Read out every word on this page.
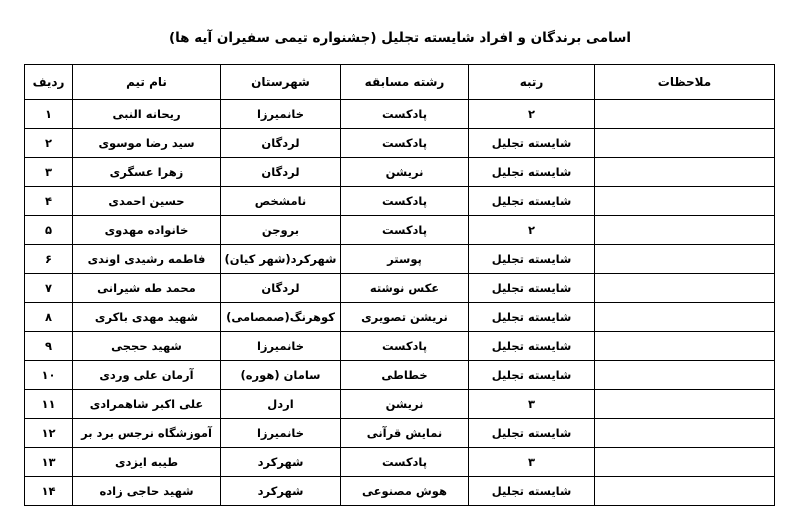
اسامی برندگان و افراد شایسته تجلیل (جشنواره تیمی سفیران آیه ها)
ملاحظات	رتبه	رشته مسابقه	شهرستان	نام تیم	ردیف
	۲	پادکست	خانمیرزا	ریحانه النبی	۱
	شایسته تجلیل	پادکست	لردگان	سید رضا موسوی	۲
	شایسته تجلیل	نریشن	لردگان	زهرا عسگری	۳
	شایسته تجلیل	پادکست	نامشخص	حسین احمدی	۴
	۲	پادکست	بروجن	خانواده مهدوی	۵
	شایسته تجلیل	پوستر	شهرکرد(شهر کیان)	فاطمه رشیدی اوندی	۶
	شایسته تجلیل	عکس نوشته	لردگان	محمد طه شیرانی	۷
	شایسته تجلیل	نریشن تصویری	کوهرنگ(صمصامی)	شهید مهدی باکری	۸
	شایسته تجلیل	پادکست	خانمیرزا	شهید حججی	۹
	شایسته تجلیل	خطاطی	سامان (هوره)	آرمان علی وردی	۱۰
	۳	نریشن	اردل	علی اکبر شاهمرادی	۱۱
	شایسته تجلیل	نمایش قرآنی	خانمیرزا	آموزشگاه نرجس برد بر	۱۲
	۳	پادکست	شهرکرد	طیبه ایزدی	۱۳
	شایسته تجلیل	هوش مصنوعی	شهرکرد	شهید حاجی زاده	۱۴
